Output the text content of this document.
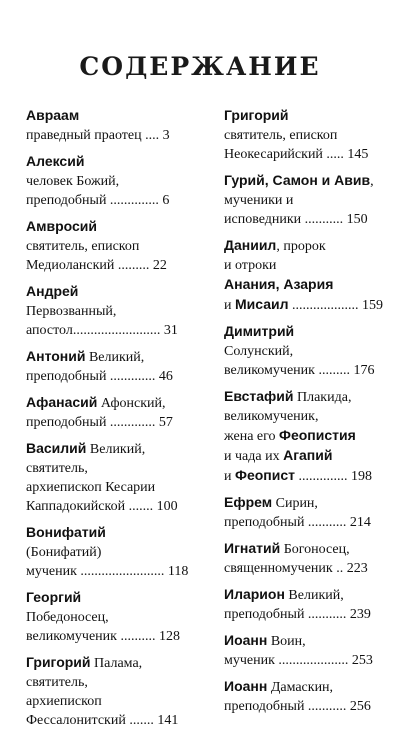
СОДЕРЖАНИЕ
Авраам
праведный праотец .... 3
Алексий
человек Божий,
преподобный .............. 6
Амвросий
святитель, епископ
Медиоланский ......... 22
Андрей
Первозванный,
апостол......................... 31
Антоний Великий,
преподобный ............. 46
Афанасий Афонский,
преподобный ............. 57
Василий Великий,
святитель,
архиепископ Кесарии
Каппадокийской ....... 100
Вонифатий
(Бонифатий)
мученик ........................ 118
Георгий
Победоносец,
великомученик .......... 128
Григорий Палама,
святитель,
архиепископ
Фессалонитский ....... 141
Григорий
святитель, епископ
Неокесарийский ..... 145
Гурий, Самон и Авив,
мученики и
исповедники ........... 150
Даниил, пророк
и отроки
Анания, Азария
и Мисаил ................... 159
Димитрий
Солунский,
великомученик ......... 176
Евстафий Плакида,
великомученик,
жена его Феопистия
и чада их Агапий
и Феопист .............. 198
Ефрем Сирин,
преподобный ........... 214
Игнатий Богоносец,
священномученик .. 223
Иларион Великий,
преподобный ........... 239
Иоанн Воин,
мученик .................... 253
Иоанн Дамаскин,
преподобный ........... 256
